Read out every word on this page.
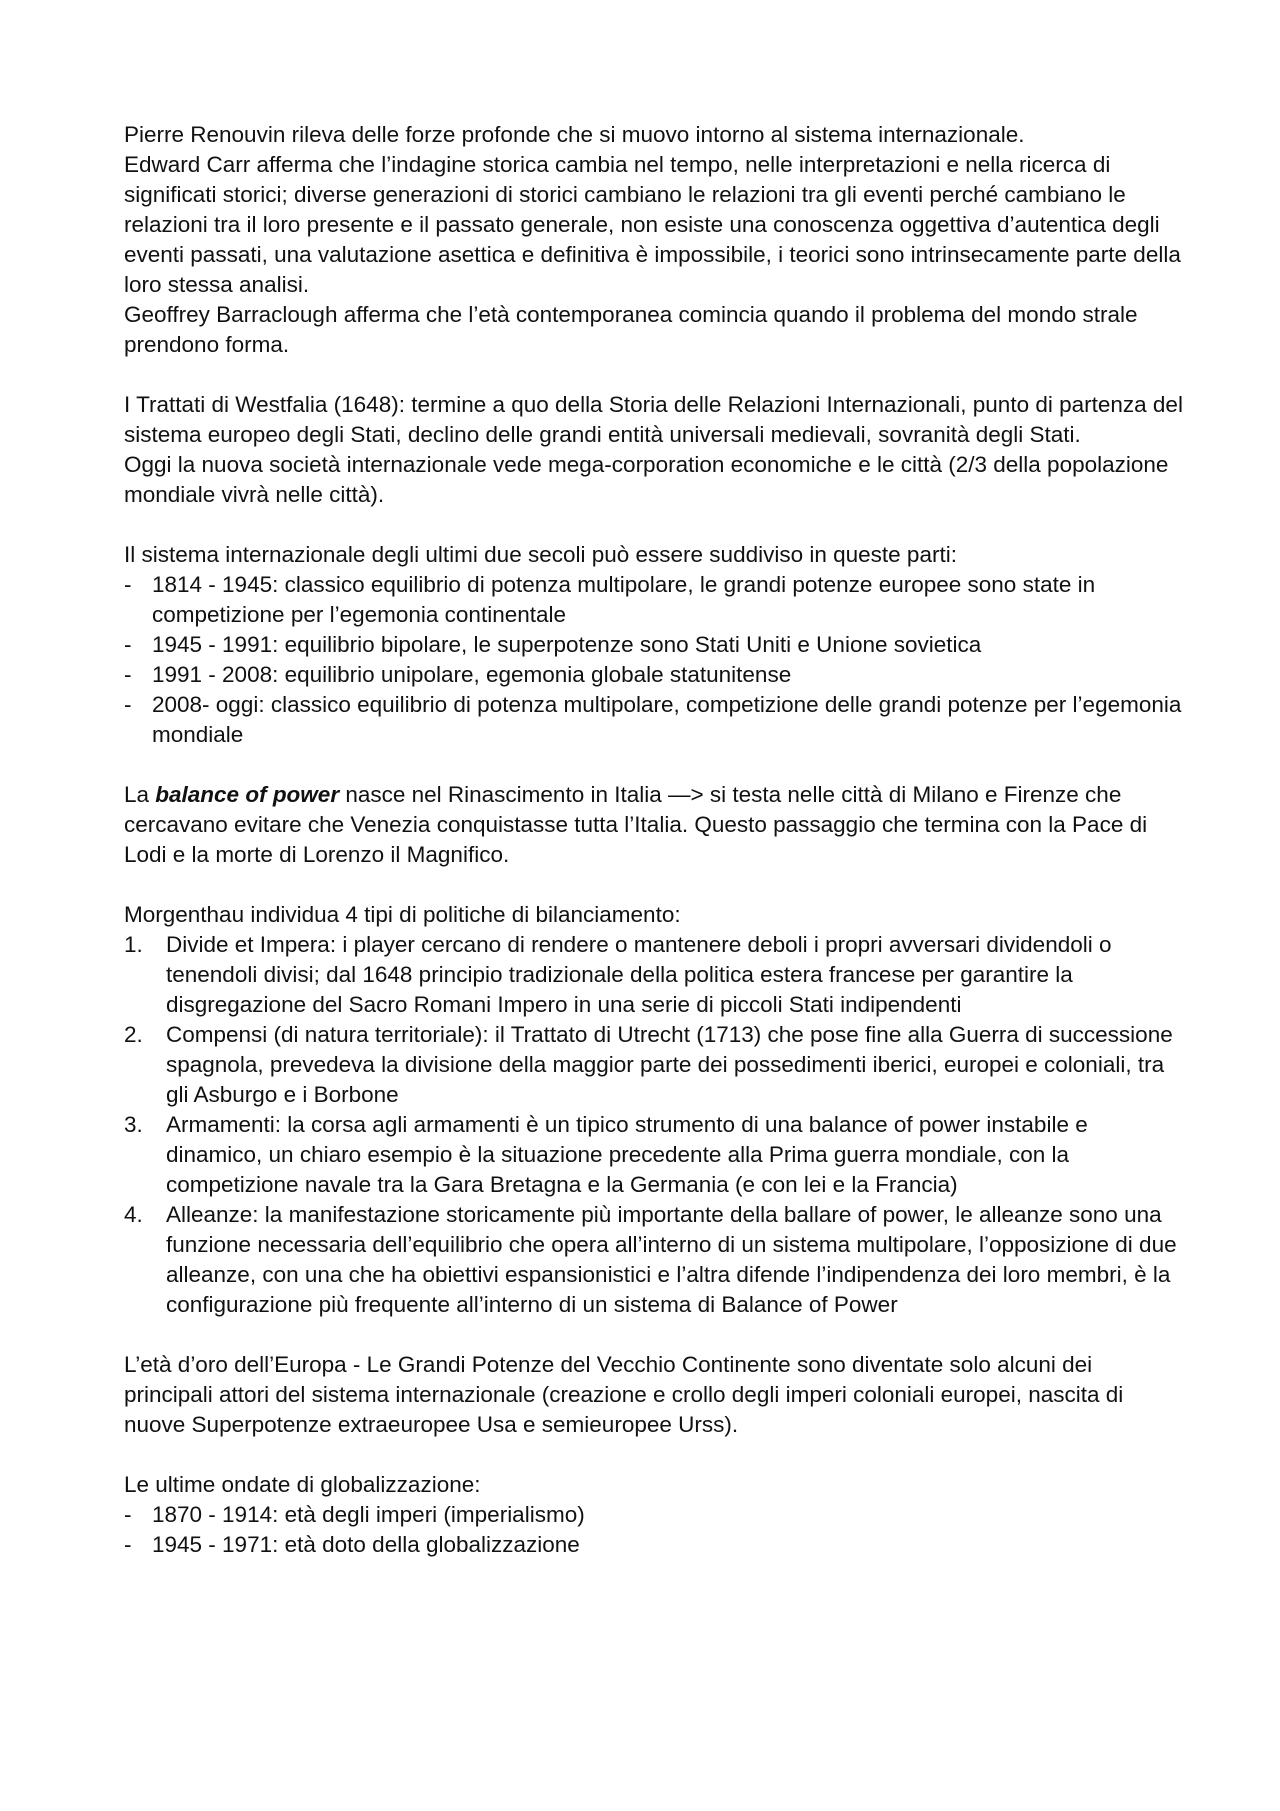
Pierre Renouvin rileva delle forze profonde che si muovo intorno al sistema internazionale.
Edward Carr afferma che l’indagine storica cambia nel tempo, nelle interpretazioni e nella ricerca di significati storici; diverse generazioni di storici cambiano le relazioni tra gli eventi perché cambiano le relazioni tra il loro presente e il passato generale, non esiste una conoscenza oggettiva d’autentica degli eventi passati, una valutazione asettica e definitiva è impossibile, i teorici sono intrinsecamente parte della loro stessa analisi.
Geoffrey Barraclough afferma che l’età contemporanea comincia quando il problema del mondo strale prendono forma.
I Trattati di Westfalia (1648): termine a quo della Storia delle Relazioni Internazionali, punto di partenza del sistema europeo degli Stati, declino delle grandi entità universali medievali, sovranità degli Stati.
Oggi la nuova società internazionale vede mega-corporation economiche e le città (2/3 della popolazione mondiale vivrà nelle città).
Il sistema internazionale degli ultimi due secoli può essere suddiviso in queste parti:
- 1814 - 1945: classico equilibrio di potenza multipolare, le grandi potenze europee sono state in competizione per l’egemonia continentale
- 1945 - 1991: equilibrio bipolare, le superpotenze sono Stati Uniti e Unione sovietica
- 1991 - 2008: equilibrio unipolare, egemonia globale statunitense
- 2008- oggi: classico equilibrio di potenza multipolare, competizione delle grandi potenze per l’egemonia mondiale
La balance of power nasce nel Rinascimento in Italia —> si testa nelle città di Milano e Firenze che cercavano evitare che Venezia conquistasse tutta l’Italia. Questo passaggio che termina con la Pace di Lodi e la morte di Lorenzo il Magnifico.
Morgenthau individua 4 tipi di politiche di bilanciamento:
1. Divide et Impera: i player cercano di rendere o mantenere deboli i propri avversari dividendoli o tenendoli divisi; dal 1648 principio tradizionale della politica estera francese per garantire la disgregazione del Sacro Romani Impero in una serie di piccoli Stati indipendenti
2. Compensi (di natura territoriale): il Trattato di Utrecht (1713) che pose fine alla Guerra di successione spagnola, prevedeva la divisione della maggior parte dei possedimenti iberici, europei e coloniali, tra gli Asburgo e i Borbone
3. Armamenti: la corsa agli armamenti è un tipico strumento di una balance of power instabile e dinamico, un chiaro esempio è la situazione precedente alla Prima guerra mondiale, con la competizione navale tra la Gara Bretagna e la Germania (e con lei e la Francia)
4. Alleanze: la manifestazione storicamente più importante della ballare of power, le alleanze sono una funzione necessaria dell’equilibrio che opera all’interno di un sistema multipolare, l’opposizione di due alleanze, con una che ha obiettivi espansionistici e l’altra difende l’indipendenza dei loro membri, è la configurazione più frequente all’interno di un sistema di Balance of Power
L’età d’oro dell’Europa - Le Grandi Potenze del Vecchio Continente sono diventate solo alcuni dei principali attori del sistema internazionale (creazione e crollo degli imperi coloniali europei, nascita di nuove Superpotenze extraeuropee Usa e semieuropee Urss).
Le ultime ondate di globalizzazione:
- 1870 - 1914: età degli imperi (imperialismo)
- 1945 - 1971: età doto della globalizzazione
